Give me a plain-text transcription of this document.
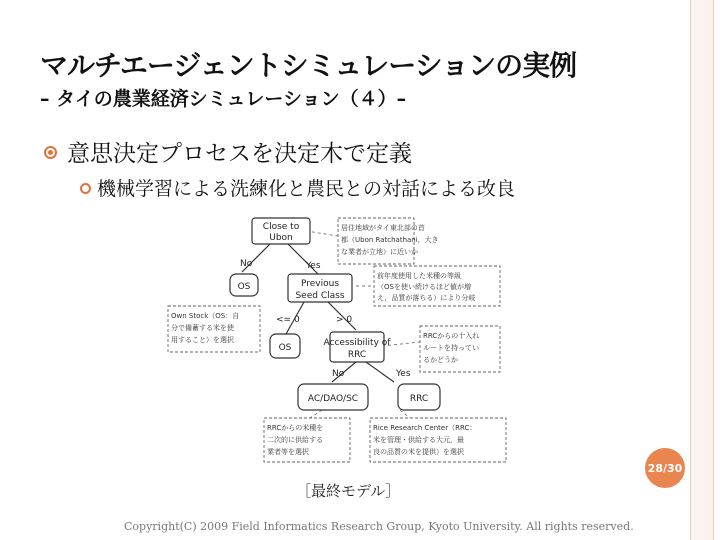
マルチエージェントシミュレーションの実例
– タイの農業経済シミュレーション（４）–
意思決定プロセスを決定木で定義
機械学習による洗練化と農民との対話による改良
Close to
Ubon
OS	Previous
Seed Class
OS	Accessibility of
RRC
AC/DAO/SC	RRC
No	Yes
<= 0	> 0
No	Yes
居住地域がタイ東北部の首
都（Ubon Ratchathani，大き
な業者が立地）に近いか
前年度使用した米種の等級
（OSを使い続けるほど値が増
え，品質が落ちる）により分岐
Own Stock（OS：自
分で備蓄する米を使
用すること）を選択	RRCからの十入れ
ルートを持ってい
るかどうか
RRCからの米種を
二次的に供給する
業者等を選択
Rice Research Center（RRC：
米を管理・供給する大元，最
良の品質の米を提供）を選択
［最終モデル］
28/30
Copyright(C) 2009 Field Informatics Research Group, Kyoto University. All rights reserved.
